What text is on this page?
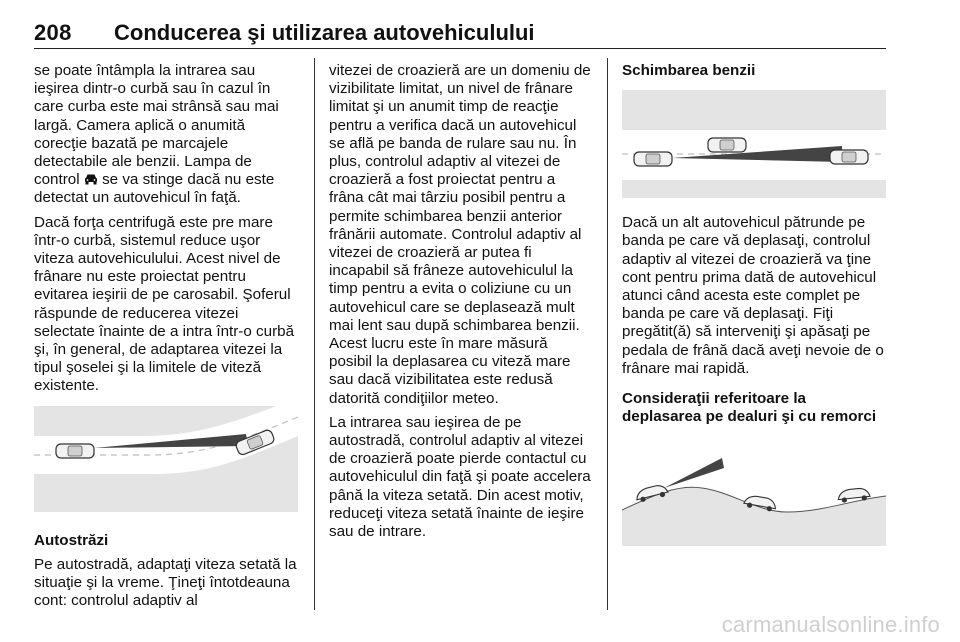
208 Conducerea şi utilizarea autovehiculului

se poate întâmpla la intrarea sau ieşirea dintr-o curbă sau în cazul în care curba este mai strânsă sau mai largă. Camera aplică o anumită corecţie bazată pe marcajele detectabile ale benzii. Lampa de control  se va stinge dacă nu este detectat un autovehicul în faţă.

Dacă forţa centrifugă este pre mare într-o curbă, sistemul reduce uşor viteza autovehiculului. Acest nivel de frânare nu este proiectat pentru evitarea ieşirii de pe carosabil. Şoferul răspunde de reducerea vitezei selectate înainte de a intra într-o curbă şi, în general, de adaptarea vitezei la tipul şoselei şi la limitele de viteză existente.

Autostrăzi

Pe autostradă, adaptaţi viteza setată la situaţie şi la vreme. Ţineţi întotdeauna cont: controlul adaptiv al

vitezei de croazieră are un domeniu de vizibilitate limitat, un nivel de frânare limitat şi un anumit timp de reacţie pentru a verifica dacă un autovehicul se află pe banda de rulare sau nu. În plus, controlul adaptiv al vitezei de croazieră a fost proiectat pentru a frâna cât mai târziu posibil pentru a permite schimbarea benzii anterior frânării automate. Controlul adaptiv al vitezei de croazieră ar putea fi incapabil să frâneze autovehiculul la timp pentru a evita o coliziune cu un autovehicul care se deplasează mult mai lent sau după schimbarea benzii. Acest lucru este în mare măsură posibil la deplasarea cu viteză mare sau dacă vizibilitatea este redusă datorită condiţiilor meteo.

La intrarea sau ieşirea de pe autostradă, controlul adaptiv al vitezei de croazieră poate pierde contactul cu autovehiculul din faţă şi poate accelera până la viteza setată. Din acest motiv, reduceţi viteza setată înainte de ieşire sau de intrare.

Schimbarea benzii

Dacă un alt autovehicul pătrunde pe banda pe care vă deplasaţi, controlul adaptiv al vitezei de croazieră va ţine cont pentru prima dată de autovehicul atunci când acesta este complet pe banda pe care vă deplasaţi. Fiţi pregătit(ă) să interveniţi şi apăsaţi pe pedala de frână dacă aveţi nevoie de o frânare mai rapidă.

Consideraţii referitoare la deplasarea pe dealuri şi cu remorci

carmanualsonline.info
